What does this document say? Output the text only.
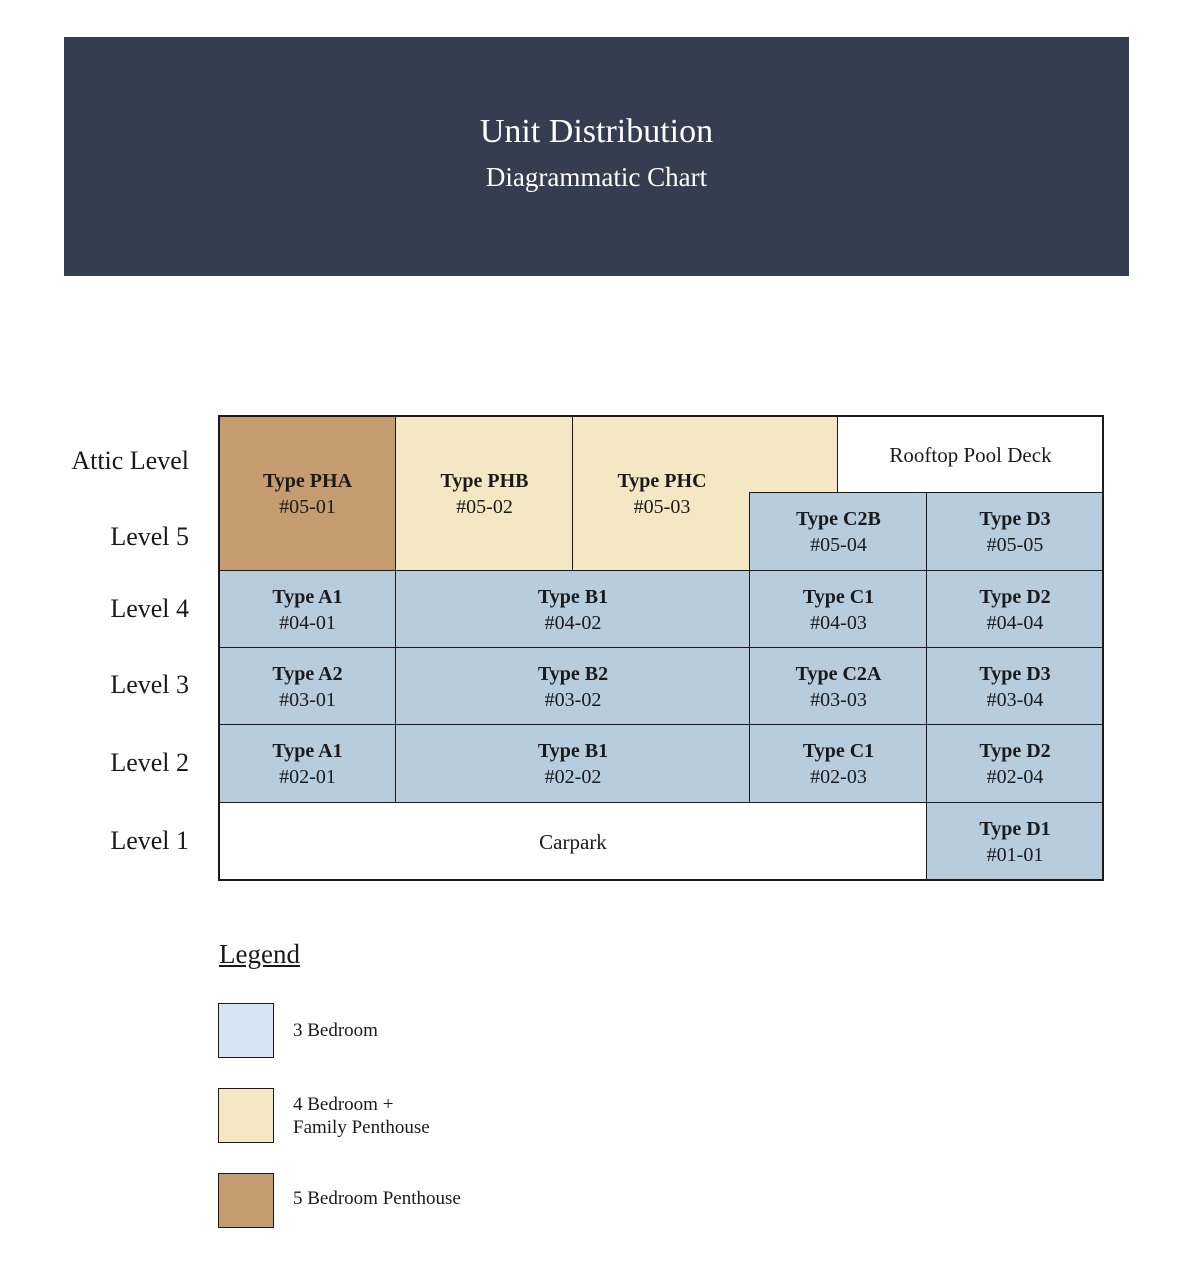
Unit Distribution
Diagrammatic Chart
Attic Level
Level 5
Level 4
Level 3
Level 2
Level 1
Type PHA
#05-01
Type PHB
#05-02
Type PHC
#05-03
Rooftop Pool Deck
Type C2B
#05-04
Type D3
#05-05
Type A1
#04-01
Type B1
#04-02
Type C1
#04-03
Type D2
#04-04
Type A2
#03-01
Type B2
#03-02
Type C2A
#03-03
Type D3
#03-04
Type A1
#02-01
Type B1
#02-02
Type C1
#02-03
Type D2
#02-04
Carpark
Type D1
#01-01
Legend
3 Bedroom
4 Bedroom +
Family Penthouse
5 Bedroom Penthouse
